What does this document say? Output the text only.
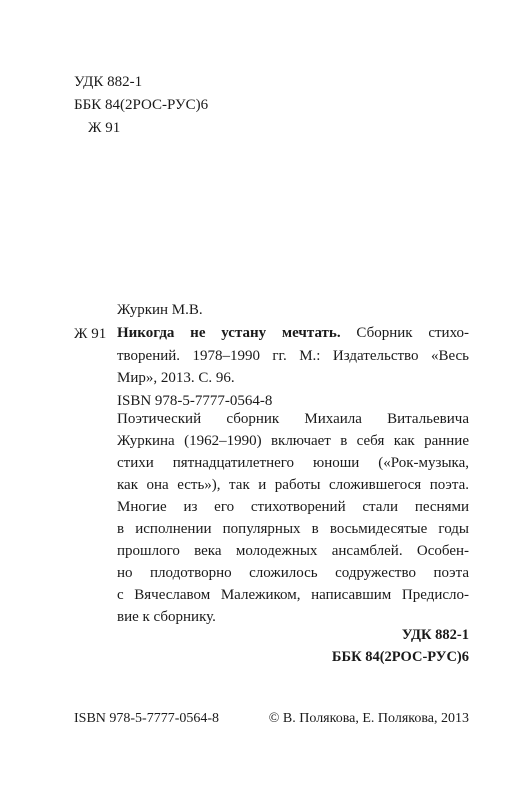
УДК 882-1
ББК 84(2РОС-РУС)6
Ж 91
Журкин М.В.
Ж 91 Никогда не устану мечтать. Сборник стихо-
творений. 1978–1990 гг. М.: Издательство «Весь
Мир», 2013. С. 96.
ISBN 978-5-7777-0564-8
Поэтический сборник Михаила Витальевича
Журкина (1962–1990) включает в себя как ранние
стихи пятнадцатилетнего юноши («Рок-музыка,
как она есть»), так и работы сложившегося поэта.
Многие из его стихотворений стали песнями
в исполнении популярных в восьмидесятые годы
прошлого века молодежных ансамблей. Особен-
но плодотворно сложилось содружество поэта
с Вячеславом Малежиком, написавшим Предисло-
вие к сборнику.
УДК 882-1
ББК 84(2РОС-РУС)6
ISBN 978-5-7777-0564-8	© В. Полякова, Е. Полякова, 2013
